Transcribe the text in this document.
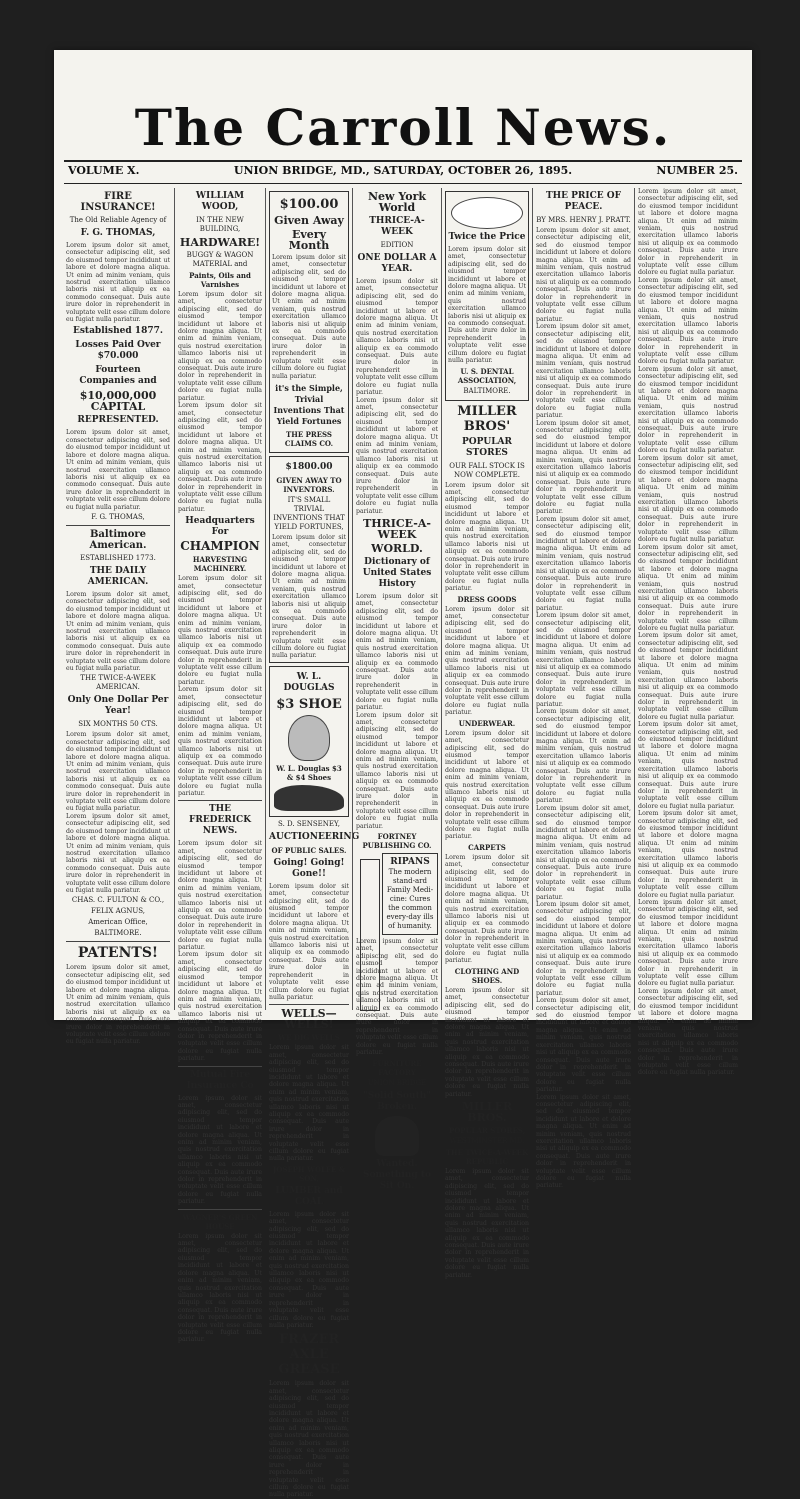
The Carroll News.
VOLUME X.	UNION BRIDGE, MD., SATURDAY, OCTOBER 26, 1895.	NUMBER 25.
FIRE INSURANCE!
The Old Reliable Agency of
F. G. THOMAS,
Lorem ipsum dolor sit amet, consectetur adipiscing elit, sed do eiusmod tempor incididunt ut labore et dolore magna aliqua. Ut enim ad minim veniam, quis nostrud exercitation ullamco laboris nisi ut aliquip ex ea commodo consequat. Duis aute irure dolor in reprehenderit in voluptate velit esse cillum dolore eu fugiat nulla pariatur.
Established 1877.
Losses Paid Over $70.000
Fourteen Companies and
$10,000,000 CAPITAL
REPRESENTED.
Lorem ipsum dolor sit amet, consectetur adipiscing elit, sed do eiusmod tempor incididunt ut labore et dolore magna aliqua. Ut enim ad minim veniam, quis nostrud exercitation ullamco laboris nisi ut aliquip ex ea commodo consequat. Duis aute irure dolor in reprehenderit in voluptate velit esse cillum dolore eu fugiat nulla pariatur.
F. G. THOMAS,
Baltimore American.
ESTABLISHED 1773.
THE DAILY AMERICAN.
Lorem ipsum dolor sit amet, consectetur adipiscing elit, sed do eiusmod tempor incididunt ut labore et dolore magna aliqua. Ut enim ad minim veniam, quis nostrud exercitation ullamco laboris nisi ut aliquip ex ea commodo consequat. Duis aute irure dolor in reprehenderit in voluptate velit esse cillum dolore eu fugiat nulla pariatur.
THE TWICE-A-WEEK AMERICAN.
Only One Dollar Per Year!
SIX MONTHS 50 CTS.
Lorem ipsum dolor sit amet, consectetur adipiscing elit, sed do eiusmod tempor incididunt ut labore et dolore magna aliqua. Ut enim ad minim veniam, quis nostrud exercitation ullamco laboris nisi ut aliquip ex ea commodo consequat. Duis aute irure dolor in reprehenderit in voluptate velit esse cillum dolore eu fugiat nulla pariatur.
Lorem ipsum dolor sit amet, consectetur adipiscing elit, sed do eiusmod tempor incididunt ut labore et dolore magna aliqua. Ut enim ad minim veniam, quis nostrud exercitation ullamco laboris nisi ut aliquip ex ea commodo consequat. Duis aute irure dolor in reprehenderit in voluptate velit esse cillum dolore eu fugiat nulla pariatur.
CHAS. C. FULTON & CO.,
FELIX AGNUS,
American Office,
BALTIMORE.
PATENTS!
Lorem ipsum dolor sit amet, consectetur adipiscing elit, sed do eiusmod tempor incididunt ut labore et dolore magna aliqua. Ut enim ad minim veniam, quis nostrud exercitation ullamco laboris nisi ut aliquip ex ea commodo consequat. Duis aute irure dolor in reprehenderit in voluptate velit esse cillum dolore eu fugiat nulla pariatur.
WILLIAM WOOD,
IN THE NEW BUILDING,
HARDWARE!
BUGGY & WAGON MATERIAL and
Paints, Oils and Varnishes
Lorem ipsum dolor sit amet, consectetur adipiscing elit, sed do eiusmod tempor incididunt ut labore et dolore magna aliqua. Ut enim ad minim veniam, quis nostrud exercitation ullamco laboris nisi ut aliquip ex ea commodo consequat. Duis aute irure dolor in reprehenderit in voluptate velit esse cillum dolore eu fugiat nulla pariatur.
Lorem ipsum dolor sit amet, consectetur adipiscing elit, sed do eiusmod tempor incididunt ut labore et dolore magna aliqua. Ut enim ad minim veniam, quis nostrud exercitation ullamco laboris nisi ut aliquip ex ea commodo consequat. Duis aute irure dolor in reprehenderit in voluptate velit esse cillum dolore eu fugiat nulla pariatur.
Headquarters For
CHAMPION
HARVESTING MACHINERY.
Lorem ipsum dolor sit amet, consectetur adipiscing elit, sed do eiusmod tempor incididunt ut labore et dolore magna aliqua. Ut enim ad minim veniam, quis nostrud exercitation ullamco laboris nisi ut aliquip ex ea commodo consequat. Duis aute irure dolor in reprehenderit in voluptate velit esse cillum dolore eu fugiat nulla pariatur.
Lorem ipsum dolor sit amet, consectetur adipiscing elit, sed do eiusmod tempor incididunt ut labore et dolore magna aliqua. Ut enim ad minim veniam, quis nostrud exercitation ullamco laboris nisi ut aliquip ex ea commodo consequat. Duis aute irure dolor in reprehenderit in voluptate velit esse cillum dolore eu fugiat nulla pariatur.
THE FREDERICK NEWS.
Lorem ipsum dolor sit amet, consectetur adipiscing elit, sed do eiusmod tempor incididunt ut labore et dolore magna aliqua. Ut enim ad minim veniam, quis nostrud exercitation ullamco laboris nisi ut aliquip ex ea commodo consequat. Duis aute irure dolor in reprehenderit in voluptate velit esse cillum dolore eu fugiat nulla pariatur.
Lorem ipsum dolor sit amet, consectetur adipiscing elit, sed do eiusmod tempor incididunt ut labore et dolore magna aliqua. Ut enim ad minim veniam, quis nostrud exercitation ullamco laboris nisi ut aliquip ex ea commodo consequat. Duis aute irure dolor in reprehenderit in voluptate velit esse cillum dolore eu fugiat nulla pariatur.
Mutual Fire Insurance Co
Lorem ipsum dolor sit amet, consectetur adipiscing elit, sed do eiusmod tempor incididunt ut labore et dolore magna aliqua. Ut enim ad minim veniam, quis nostrud exercitation ullamco laboris nisi ut aliquip ex ea commodo consequat. Duis aute irure dolor in reprehenderit in voluptate velit esse cillum dolore eu fugiat nulla pariatur.
WAGNER'S GREEN HOUSE
Lorem ipsum dolor sit amet, consectetur adipiscing elit, sed do eiusmod tempor incididunt ut labore et dolore magna aliqua. Ut enim ad minim veniam, quis nostrud exercitation ullamco laboris nisi ut aliquip ex ea commodo consequat. Duis aute irure dolor in reprehenderit in voluptate velit esse cillum dolore eu fugiat nulla pariatur.
$100.00
Given Away
Every Month
Lorem ipsum dolor sit amet, consectetur adipiscing elit, sed do eiusmod tempor incididunt ut labore et dolore magna aliqua. Ut enim ad minim veniam, quis nostrud exercitation ullamco laboris nisi ut aliquip ex ea commodo consequat. Duis aute irure dolor in reprehenderit in voluptate velit esse cillum dolore eu fugiat nulla pariatur.
it's the Simple, Trivial Inventions That Yield Fortunes
THE PRESS CLAIMS CO.
$1800.00
GIVEN AWAY TO INVENTORS.
IT'S SMALL TRIVIAL INVENTIONS THAT YIELD FORTUNES,
Lorem ipsum dolor sit amet, consectetur adipiscing elit, sed do eiusmod tempor incididunt ut labore et dolore magna aliqua. Ut enim ad minim veniam, quis nostrud exercitation ullamco laboris nisi ut aliquip ex ea commodo consequat. Duis aute irure dolor in reprehenderit in voluptate velit esse cillum dolore eu fugiat nulla pariatur.
W. L. DOUGLAS
$3 SHOE
W. L. Douglas $3 & $4 Shoes
S. D. SENSENEY,
AUCTIONEERING
OF PUBLIC SALES.
Going! Going! Gone!!
Lorem ipsum dolor sit amet, consectetur adipiscing elit, sed do eiusmod tempor incididunt ut labore et dolore magna aliqua. Ut enim ad minim veniam, quis nostrud exercitation ullamco laboris nisi ut aliquip ex ea commodo consequat. Duis aute irure dolor in reprehenderit in voluptate velit esse cillum dolore eu fugiat nulla pariatur.
WELLS—WELLS!
WE DIG WELLS
Lorem ipsum dolor sit amet, consectetur adipiscing elit, sed do eiusmod tempor incididunt ut labore et dolore magna aliqua. Ut enim ad minim veniam, quis nostrud exercitation ullamco laboris nisi ut aliquip ex ea commodo consequat. Duis aute irure dolor in reprehenderit in voluptate velit esse cillum dolore eu fugiat nulla pariatur.
JOSEPH WOLFE & SON,
LUMBER and COAL
Lorem ipsum dolor sit amet, consectetur adipiscing elit, sed do eiusmod tempor incididunt ut labore et dolore magna aliqua. Ut enim ad minim veniam, quis nostrud exercitation ullamco laboris nisi ut aliquip ex ea commodo consequat. Duis aute irure dolor in reprehenderit in voluptate velit esse cillum dolore eu fugiat nulla pariatur.
FRAZER AXLE GREASE
Lorem ipsum dolor sit amet, consectetur adipiscing elit, sed do eiusmod tempor incididunt ut labore et dolore magna aliqua. Ut enim ad minim veniam, quis nostrud exercitation ullamco laboris nisi ut aliquip ex ea commodo consequat. Duis aute irure dolor in reprehenderit in voluptate velit esse cillum dolore eu fugiat nulla pariatur.
New York World
THRICE-A-WEEK
EDITION
ONE DOLLAR A YEAR.
Lorem ipsum dolor sit amet, consectetur adipiscing elit, sed do eiusmod tempor incididunt ut labore et dolore magna aliqua. Ut enim ad minim veniam, quis nostrud exercitation ullamco laboris nisi ut aliquip ex ea commodo consequat. Duis aute irure dolor in reprehenderit in voluptate velit esse cillum dolore eu fugiat nulla pariatur.
Lorem ipsum dolor sit amet, consectetur adipiscing elit, sed do eiusmod tempor incididunt ut labore et dolore magna aliqua. Ut enim ad minim veniam, quis nostrud exercitation ullamco laboris nisi ut aliquip ex ea commodo consequat. Duis aute irure dolor in reprehenderit in voluptate velit esse cillum dolore eu fugiat nulla pariatur.
THRICE-A-WEEK
WORLD.
Dictionary of United States History
Lorem ipsum dolor sit amet, consectetur adipiscing elit, sed do eiusmod tempor incididunt ut labore et dolore magna aliqua. Ut enim ad minim veniam, quis nostrud exercitation ullamco laboris nisi ut aliquip ex ea commodo consequat. Duis aute irure dolor in reprehenderit in voluptate velit esse cillum dolore eu fugiat nulla pariatur.
Lorem ipsum dolor sit amet, consectetur adipiscing elit, sed do eiusmod tempor incididunt ut labore et dolore magna aliqua. Ut enim ad minim veniam, quis nostrud exercitation ullamco laboris nisi ut aliquip ex ea commodo consequat. Duis aute irure dolor in reprehenderit in voluptate velit esse cillum dolore eu fugiat nulla pariatur.
FORTNEY PUBLISHING CO.
RIPANS
The modern stand-ard Family Medi-cine: Cures the common every-day ills of humanity.
Lorem ipsum dolor sit amet, consectetur adipiscing elit, sed do eiusmod tempor incididunt ut labore et dolore magna aliqua. Ut enim ad minim veniam, quis nostrud exercitation ullamco laboris nisi ut aliquip ex ea commodo consequat. Duis aute irure dolor in reprehenderit in voluptate velit esse cillum dolore eu fugiat nulla pariatur.
FURNITURE FACTORY
UNION BRIDGE
"Solid South" Broken.
Wanted. Something to Sit On.
Twice the Price
Lorem ipsum dolor sit amet, consectetur adipiscing elit, sed do eiusmod tempor incididunt ut labore et dolore magna aliqua. Ut enim ad minim veniam, quis nostrud exercitation ullamco laboris nisi ut aliquip ex ea commodo consequat. Duis aute irure dolor in reprehenderit in voluptate velit esse cillum dolore eu fugiat nulla pariatur.
U. S. DENTAL ASSOCIATION,
BALTIMORE.
MILLER BROS'
POPULAR STORES
OUR FALL STOCK IS NOW COMPLETE.
Lorem ipsum dolor sit amet, consectetur adipiscing elit, sed do eiusmod tempor incididunt ut labore et dolore magna aliqua. Ut enim ad minim veniam, quis nostrud exercitation ullamco laboris nisi ut aliquip ex ea commodo consequat. Duis aute irure dolor in reprehenderit in voluptate velit esse cillum dolore eu fugiat nulla pariatur.
DRESS GOODS
Lorem ipsum dolor sit amet, consectetur adipiscing elit, sed do eiusmod tempor incididunt ut labore et dolore magna aliqua. Ut enim ad minim veniam, quis nostrud exercitation ullamco laboris nisi ut aliquip ex ea commodo consequat. Duis aute irure dolor in reprehenderit in voluptate velit esse cillum dolore eu fugiat nulla pariatur.
UNDERWEAR.
Lorem ipsum dolor sit amet, consectetur adipiscing elit, sed do eiusmod tempor incididunt ut labore et dolore magna aliqua. Ut enim ad minim veniam, quis nostrud exercitation ullamco laboris nisi ut aliquip ex ea commodo consequat. Duis aute irure dolor in reprehenderit in voluptate velit esse cillum dolore eu fugiat nulla pariatur.
CARPETS
Lorem ipsum dolor sit amet, consectetur adipiscing elit, sed do eiusmod tempor incididunt ut labore et dolore magna aliqua. Ut enim ad minim veniam, quis nostrud exercitation ullamco laboris nisi ut aliquip ex ea commodo consequat. Duis aute irure dolor in reprehenderit in voluptate velit esse cillum dolore eu fugiat nulla pariatur.
CLOTHING AND SHOES.
Lorem ipsum dolor sit amet, consectetur adipiscing elit, sed do eiusmod tempor incididunt ut labore et dolore magna aliqua. Ut enim ad minim veniam, quis nostrud exercitation ullamco laboris nisi ut aliquip ex ea commodo consequat. Duis aute irure dolor in reprehenderit in voluptate velit esse cillum dolore eu fugiat nulla pariatur.
MILLER BROS.
POPULAR STORES,
WESTMINSTER MD.
THE TWICE-A-WEEK REPUBLIC
Lorem ipsum dolor sit amet, consectetur adipiscing elit, sed do eiusmod tempor incididunt ut labore et dolore magna aliqua. Ut enim ad minim veniam, quis nostrud exercitation ullamco laboris nisi ut aliquip ex ea commodo consequat. Duis aute irure dolor in reprehenderit in voluptate velit esse cillum dolore eu fugiat nulla pariatur.
THE PRICE OF PEACE.
BY MRS. HENRY J. PRATT.
Lorem ipsum dolor sit amet, consectetur adipiscing elit, sed do eiusmod tempor incididunt ut labore et dolore magna aliqua. Ut enim ad minim veniam, quis nostrud exercitation ullamco laboris nisi ut aliquip ex ea commodo consequat. Duis aute irure dolor in reprehenderit in voluptate velit esse cillum dolore eu fugiat nulla pariatur.
Lorem ipsum dolor sit amet, consectetur adipiscing elit, sed do eiusmod tempor incididunt ut labore et dolore magna aliqua. Ut enim ad minim veniam, quis nostrud exercitation ullamco laboris nisi ut aliquip ex ea commodo consequat. Duis aute irure dolor in reprehenderit in voluptate velit esse cillum dolore eu fugiat nulla pariatur.
Lorem ipsum dolor sit amet, consectetur adipiscing elit, sed do eiusmod tempor incididunt ut labore et dolore magna aliqua. Ut enim ad minim veniam, quis nostrud exercitation ullamco laboris nisi ut aliquip ex ea commodo consequat. Duis aute irure dolor in reprehenderit in voluptate velit esse cillum dolore eu fugiat nulla pariatur.
Lorem ipsum dolor sit amet, consectetur adipiscing elit, sed do eiusmod tempor incididunt ut labore et dolore magna aliqua. Ut enim ad minim veniam, quis nostrud exercitation ullamco laboris nisi ut aliquip ex ea commodo consequat. Duis aute irure dolor in reprehenderit in voluptate velit esse cillum dolore eu fugiat nulla pariatur.
Lorem ipsum dolor sit amet, consectetur adipiscing elit, sed do eiusmod tempor incididunt ut labore et dolore magna aliqua. Ut enim ad minim veniam, quis nostrud exercitation ullamco laboris nisi ut aliquip ex ea commodo consequat. Duis aute irure dolor in reprehenderit in voluptate velit esse cillum dolore eu fugiat nulla pariatur.
Lorem ipsum dolor sit amet, consectetur adipiscing elit, sed do eiusmod tempor incididunt ut labore et dolore magna aliqua. Ut enim ad minim veniam, quis nostrud exercitation ullamco laboris nisi ut aliquip ex ea commodo consequat. Duis aute irure dolor in reprehenderit in voluptate velit esse cillum dolore eu fugiat nulla pariatur.
Lorem ipsum dolor sit amet, consectetur adipiscing elit, sed do eiusmod tempor incididunt ut labore et dolore magna aliqua. Ut enim ad minim veniam, quis nostrud exercitation ullamco laboris nisi ut aliquip ex ea commodo consequat. Duis aute irure dolor in reprehenderit in voluptate velit esse cillum dolore eu fugiat nulla pariatur.
Lorem ipsum dolor sit amet, consectetur adipiscing elit, sed do eiusmod tempor incididunt ut labore et dolore magna aliqua. Ut enim ad minim veniam, quis nostrud exercitation ullamco laboris nisi ut aliquip ex ea commodo consequat. Duis aute irure dolor in reprehenderit in voluptate velit esse cillum dolore eu fugiat nulla pariatur.
Lorem ipsum dolor sit amet, consectetur adipiscing elit, sed do eiusmod tempor incididunt ut labore et dolore magna aliqua. Ut enim ad minim veniam, quis nostrud exercitation ullamco laboris nisi ut aliquip ex ea commodo consequat. Duis aute irure dolor in reprehenderit in voluptate velit esse cillum dolore eu fugiat nulla pariatur.
Lorem ipsum dolor sit amet, consectetur adipiscing elit, sed do eiusmod tempor incididunt ut labore et dolore magna aliqua. Ut enim ad minim veniam, quis nostrud exercitation ullamco laboris nisi ut aliquip ex ea commodo consequat. Duis aute irure dolor in reprehenderit in voluptate velit esse cillum dolore eu fugiat nulla pariatur.
Lorem ipsum dolor sit amet, consectetur adipiscing elit, sed do eiusmod tempor incididunt ut labore et dolore magna aliqua. Ut enim ad minim veniam, quis nostrud exercitation ullamco laboris nisi ut aliquip ex ea commodo consequat. Duis aute irure dolor in reprehenderit in voluptate velit esse cillum dolore eu fugiat nulla pariatur.
Lorem ipsum dolor sit amet, consectetur adipiscing elit, sed do eiusmod tempor incididunt ut labore et dolore magna aliqua. Ut enim ad minim veniam, quis nostrud exercitation ullamco laboris nisi ut aliquip ex ea commodo consequat. Duis aute irure dolor in reprehenderit in voluptate velit esse cillum dolore eu fugiat nulla pariatur.
Lorem ipsum dolor sit amet, consectetur adipiscing elit, sed do eiusmod tempor incididunt ut labore et dolore magna aliqua. Ut enim ad minim veniam, quis nostrud exercitation ullamco laboris nisi ut aliquip ex ea commodo consequat. Duis aute irure dolor in reprehenderit in voluptate velit esse cillum dolore eu fugiat nulla pariatur.
Lorem ipsum dolor sit amet, consectetur adipiscing elit, sed do eiusmod tempor incididunt ut labore et dolore magna aliqua. Ut enim ad minim veniam, quis nostrud exercitation ullamco laboris nisi ut aliquip ex ea commodo consequat. Duis aute irure dolor in reprehenderit in voluptate velit esse cillum dolore eu fugiat nulla pariatur.
Lorem ipsum dolor sit amet, consectetur adipiscing elit, sed do eiusmod tempor incididunt ut labore et dolore magna aliqua. Ut enim ad minim veniam, quis nostrud exercitation ullamco laboris nisi ut aliquip ex ea commodo consequat. Duis aute irure dolor in reprehenderit in voluptate velit esse cillum dolore eu fugiat nulla pariatur.
Lorem ipsum dolor sit amet, consectetur adipiscing elit, sed do eiusmod tempor incididunt ut labore et dolore magna aliqua. Ut enim ad minim veniam, quis nostrud exercitation ullamco laboris nisi ut aliquip ex ea commodo consequat. Duis aute irure dolor in reprehenderit in voluptate velit esse cillum dolore eu fugiat nulla pariatur.
Lorem ipsum dolor sit amet, consectetur adipiscing elit, sed do eiusmod tempor incididunt ut labore et dolore magna aliqua. Ut enim ad minim veniam, quis nostrud exercitation ullamco laboris nisi ut aliquip ex ea commodo consequat. Duis aute irure dolor in reprehenderit in voluptate velit esse cillum dolore eu fugiat nulla pariatur.
Lorem ipsum dolor sit amet, consectetur adipiscing elit, sed do eiusmod tempor incididunt ut labore et dolore magna aliqua. Ut enim ad minim veniam, quis nostrud exercitation ullamco laboris nisi ut aliquip ex ea commodo consequat. Duis aute irure dolor in reprehenderit in voluptate velit esse cillum dolore eu fugiat nulla pariatur.
Lorem ipsum dolor sit amet, consectetur adipiscing elit, sed do eiusmod tempor incididunt ut labore et dolore magna aliqua. Ut enim ad minim veniam, quis nostrud exercitation ullamco laboris nisi ut aliquip ex ea commodo consequat. Duis aute irure dolor in reprehenderit in voluptate velit esse cillum dolore eu fugiat nulla pariatur.
Lorem ipsum dolor sit amet, consectetur adipiscing elit, sed do eiusmod tempor incididunt ut labore et dolore magna aliqua. Ut enim ad minim veniam, quis nostrud exercitation ullamco laboris nisi ut aliquip ex ea commodo consequat. Duis aute irure dolor in reprehenderit in voluptate velit esse cillum dolore eu fugiat nulla pariatur.
